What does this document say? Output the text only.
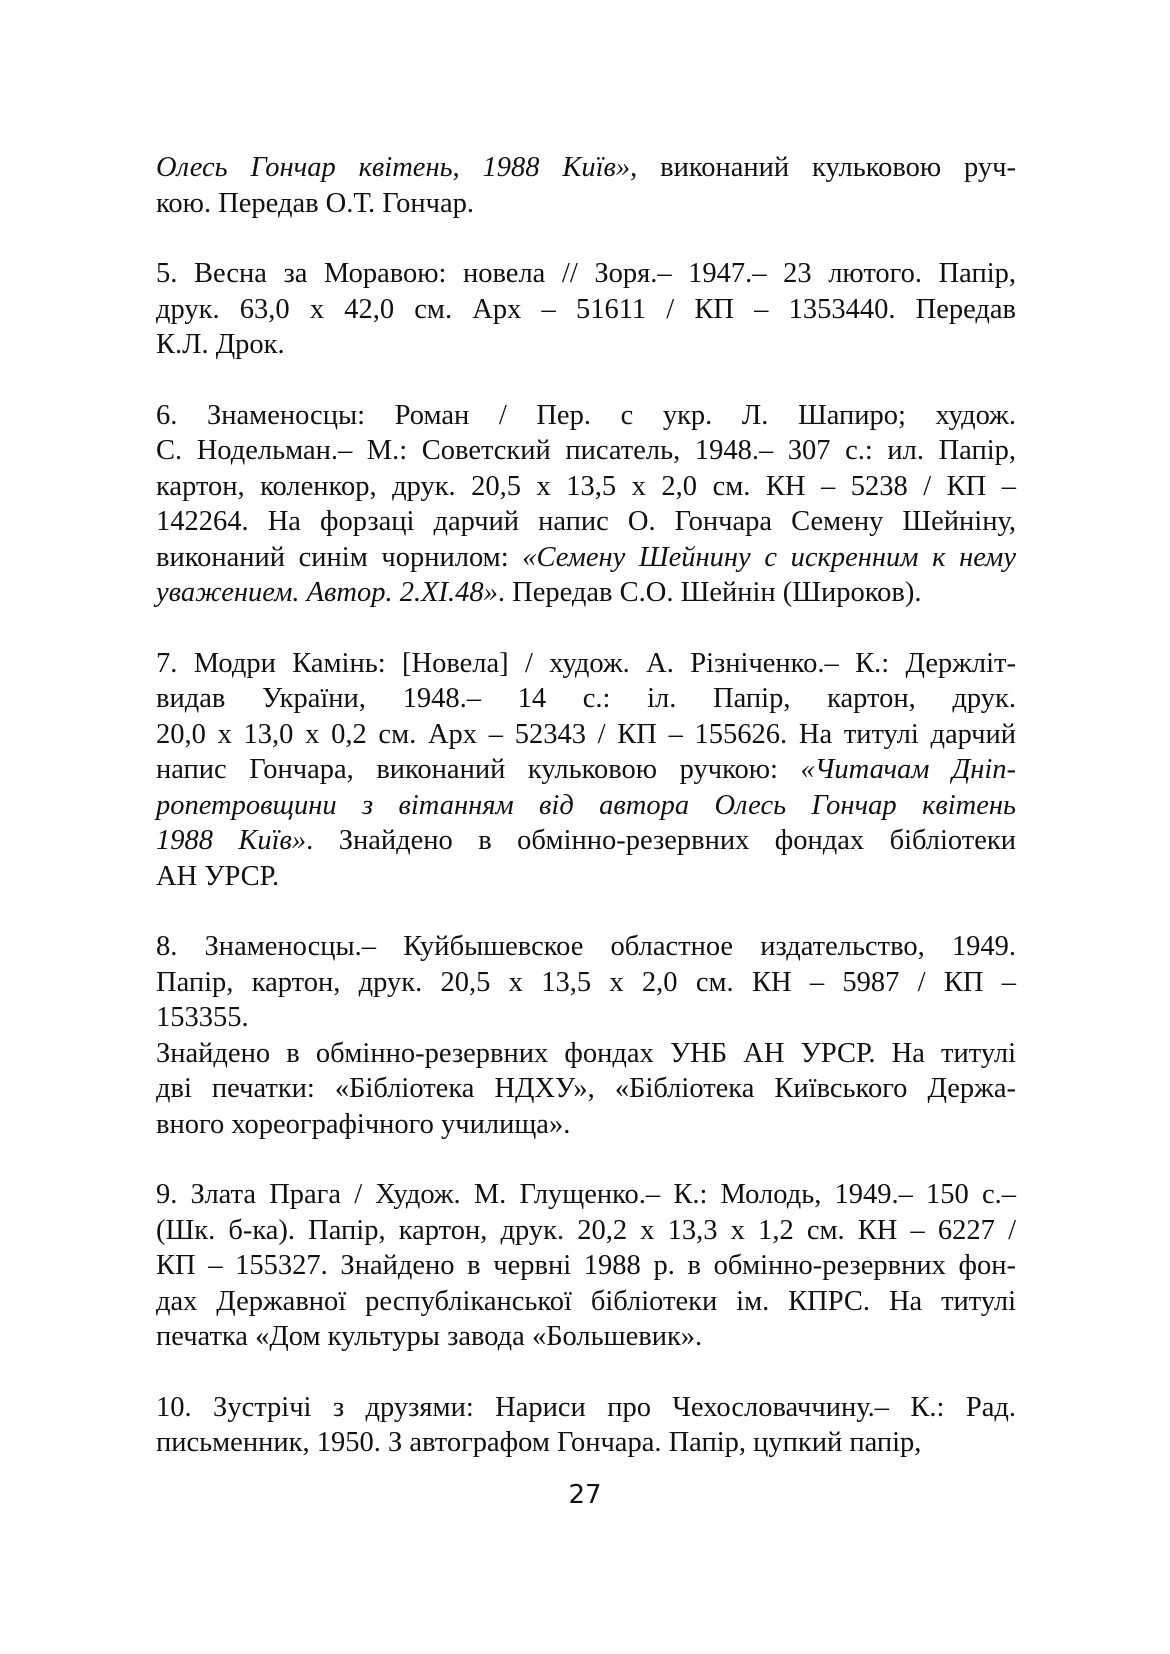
Олесь Гончар квітень, 1988 Київ», виконаний кульковою руч-
кою. Передав О.Т. Гончар.
5. Весна за Моравою: новела // Зоря.– 1947.– 23 лютого. Папір,
друк. 63,0 х 42,0 см. Арх – 51611 / КП – 1353440. Передав
К.Л. Дрок.
6. Знаменосцы: Роман / Пер. с укр. Л. Шапиро; худож.
С. Нодельман.– М.: Советский писатель, 1948.– 307 с.: ил. Папір,
картон, коленкор, друк. 20,5 х 13,5 х 2,0 см. КН – 5238 / КП –
142264. На форзаці дарчий напис О. Гончара Семену Шейніну,
виконаний синім чорнилом: «Семену Шейнину с искренним к нему
уважением. Автор. 2.XI.48». Передав С.О. Шейнін (Широков).
7. Модри Камінь: [Новела] / худож. А. Різніченко.– К.: Держліт-
видав України, 1948.– 14 с.: іл. Папір, картон, друк.
20,0 х 13,0 х 0,2 см. Арх – 52343 / КП – 155626. На титулі дарчий
напис Гончара, виконаний кульковою ручкою: «Читачам Дніп-
ропетровщини з вітанням від автора Олесь Гончар квітень
1988 Київ». Знайдено в обмінно-резервних фондах бібліотеки
АН УРСР.
8. Знаменосцы.– Куйбышевское областное издательство, 1949.
Папір, картон, друк. 20,5 х 13,5 х 2,0 см. КН – 5987 / КП –
153355.
Знайдено в обмінно-резервних фондах УНБ АН УРСР. На титулі
дві печатки: «Бібліотека НДХУ», «Бібліотека Київського Держа-
вного хореографічного училища».
9. Злата Прага / Худож. М. Глущенко.– К.: Молодь, 1949.– 150 с.–
(Шк. б-ка). Папір, картон, друк. 20,2 х 13,3 х 1,2 см. КН – 6227 /
КП – 155327. Знайдено в червні 1988 р. в обмінно-резервних фон-
дах Державної республіканської бібліотеки ім. КПРС. На титулі
печатка «Дом культуры завода «Большевик».
10. Зустрічі з друзями: Нариси про Чехословаччину.– К.: Рад.
письменник, 1950. З автографом Гончара. Папір, цупкий папір,
27
